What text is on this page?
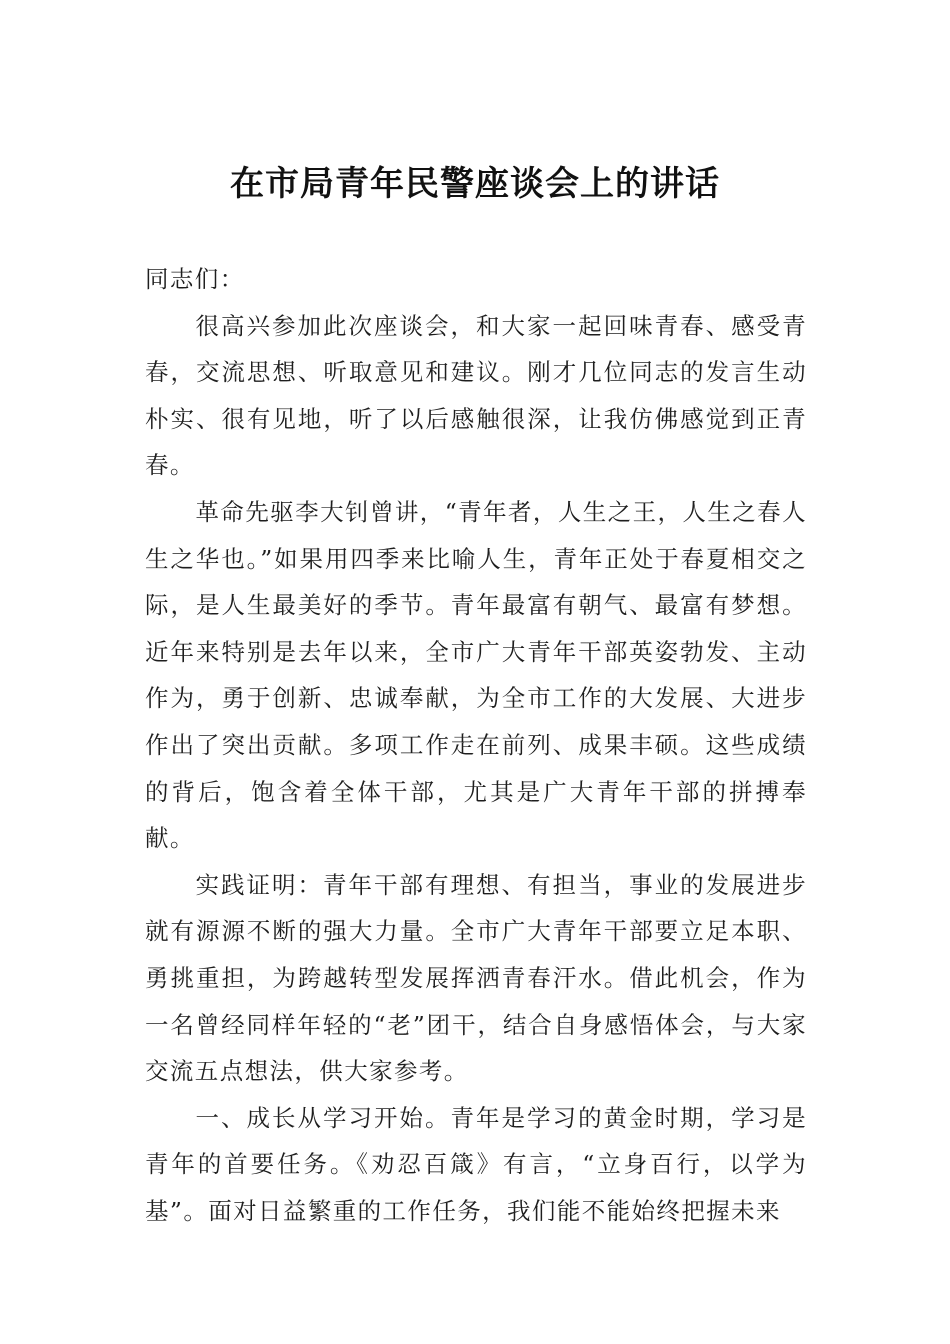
在市局青年民警座谈会上的讲话

同志们：

很高兴参加此次座谈会，和大家一起回味青春、感受青春，交流思想、听取意见和建议。刚才几位同志的发言生动朴实、很有见地，听了以后感触很深，让我仿佛感觉到正青春。

革命先驱李大钊曾讲，“青年者，人生之王，人生之春人生之华也。”如果用四季来比喻人生，青年正处于春夏相交之际，是人生最美好的季节。青年最富有朝气、最富有梦想。近年来特别是去年以来，全市广大青年干部英姿勃发、主动作为，勇于创新、忠诚奉献，为全市工作的大发展、大进步作出了突出贡献。多项工作走在前列、成果丰硕。这些成绩的背后，饱含着全体干部，尤其是广大青年干部的拼搏奉献。

实践证明：青年干部有理想、有担当，事业的发展进步就有源源不断的强大力量。全市广大青年干部要立足本职、勇挑重担，为跨越转型发展挥洒青春汗水。借此机会，作为一名曾经同样年轻的“老”团干，结合自身感悟体会，与大家交流五点想法，供大家参考。

一、成长从学习开始。青年是学习的黄金时期，学习是青年的首要任务。《劝忍百箴》有言，“立身百行，以学为基”。面对日益繁重的工作任务，我们能不能始终把握未来
